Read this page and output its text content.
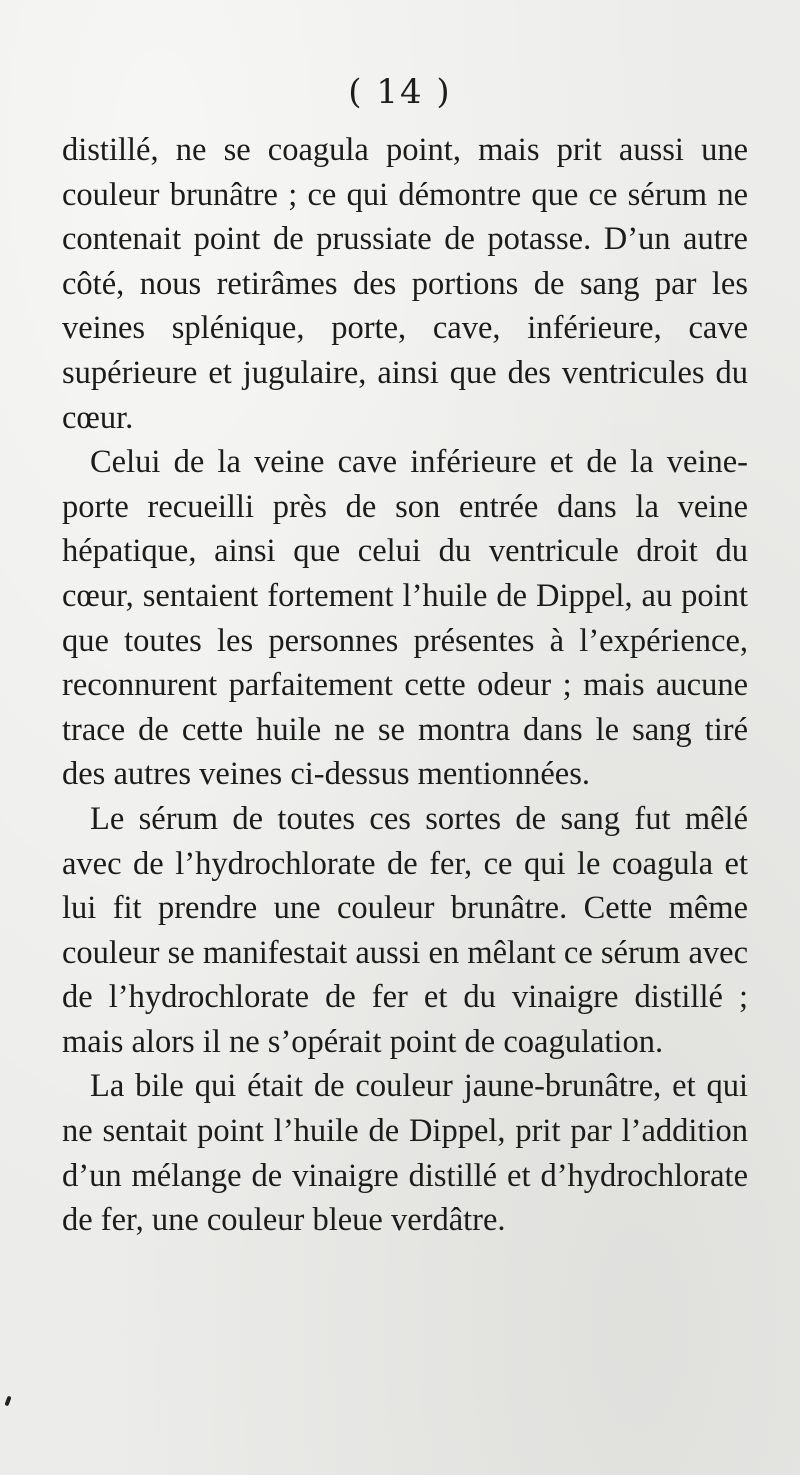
( 14 )

distillé, ne se coagula point, mais prit aussi une couleur brunâtre ; ce qui démontre que ce sérum ne contenait point de prussiate de potasse. D’un autre côté, nous retirâmes des portions de sang par les veines splénique, porte, cave, inférieure, cave supérieure et jugulaire, ainsi que des ventricules du cœur.

Celui de la veine cave inférieure et de la veine-porte recueilli près de son entrée dans la veine hépatique, ainsi que celui du ventricule droit du cœur, sentaient fortement l’huile de Dippel, au point que toutes les personnes présentes à l’expérience, reconnurent parfaitement cette odeur ; mais aucune trace de cette huile ne se montra dans le sang tiré des autres veines ci-dessus mentionnées.

Le sérum de toutes ces sortes de sang fut mêlé avec de l’hydrochlorate de fer, ce qui le coagula et lui fit prendre une couleur brunâtre. Cette même couleur se manifestait aussi en mêlant ce sérum avec de l’hydrochlorate de fer et du vinaigre distillé ; mais alors il ne s’opérait point de coagulation.

La bile qui était de couleur jaune-brunâtre, et qui ne sentait point l’huile de Dippel, prit par l’addition d’un mélange de vinaigre distillé et d’hydrochlorate de fer, une couleur bleue verdâtre.
